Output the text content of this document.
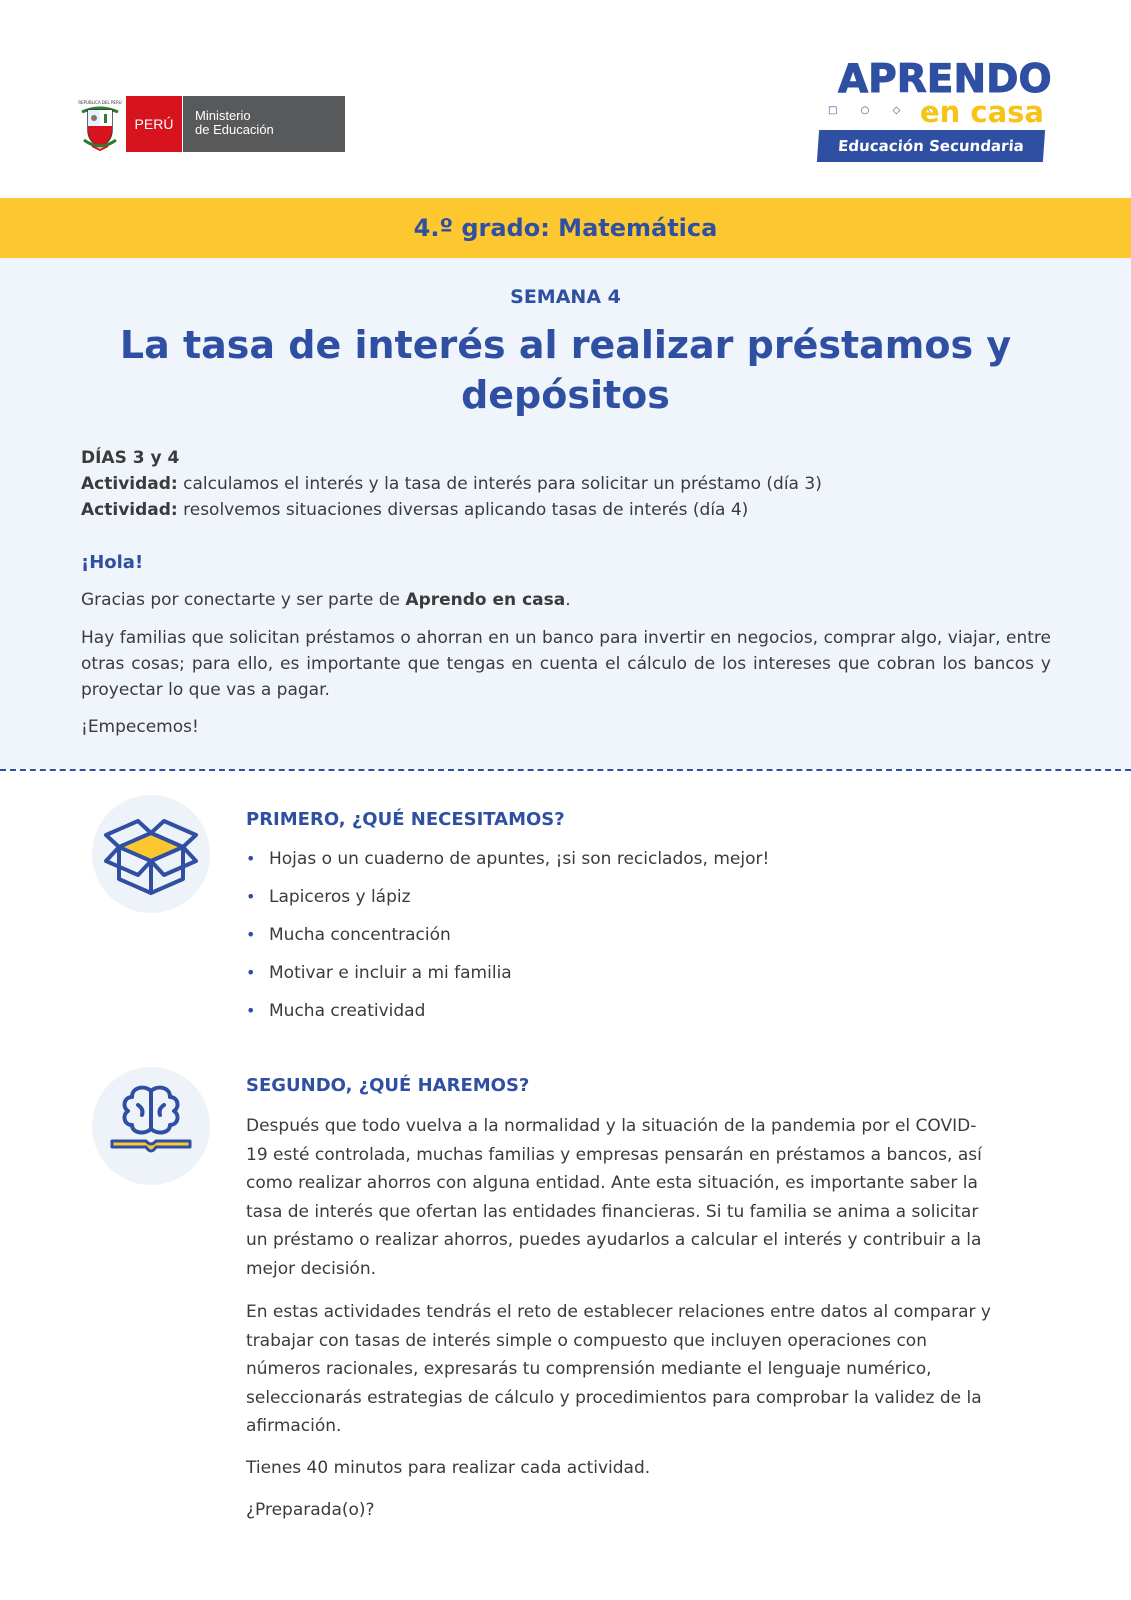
REPÚBLICA DEL PERÚ
PERÚ
Ministerio
de Educación
APRENDO
□ ○ ◇ △
en casa
Educación Secundaria
4.º grado: Matemática
SEMANA 4
La tasa de interés al realizar préstamos y depósitos
DÍAS 3 y 4
Actividad: calculamos el interés y la tasa de interés para solicitar un préstamo (día 3)
Actividad: resolvemos situaciones diversas aplicando tasas de interés (día 4)
¡Hola!
Gracias por conectarte y ser parte de Aprendo en casa.
Hay familias que solicitan préstamos o ahorran en un banco para invertir en negocios, comprar algo, viajar, entre otras cosas; para ello, es importante que tengas en cuenta el cálculo de los intereses que cobran los bancos y proyectar lo que vas a pagar.
¡Empecemos!
PRIMERO, ¿QUÉ NECESITAMOS?
• Hojas o un cuaderno de apuntes, ¡si son reciclados, mejor!
• Lapiceros y lápiz
• Mucha concentración
• Motivar e incluir a mi familia
• Mucha creatividad
SEGUNDO, ¿QUÉ HAREMOS?
Después que todo vuelva a la normalidad y la situación de la pandemia por el COVID-19 esté controlada, muchas familias y empresas pensarán en préstamos a bancos, así como realizar ahorros con alguna entidad. Ante esta situación, es importante saber la tasa de interés que ofertan las entidades financieras. Si tu familia se anima a solicitar un préstamo o realizar ahorros, puedes ayudarlos a calcular el interés y contribuir a la mejor decisión.
En estas actividades tendrás el reto de establecer relaciones entre datos al comparar y trabajar con tasas de interés simple o compuesto que incluyen operaciones con números racionales, expresarás tu comprensión mediante el lenguaje numérico, seleccionarás estrategias de cálculo y procedimientos para comprobar la validez de la afirmación.
Tienes 40 minutos para realizar cada actividad.
¿Preparada(o)?
